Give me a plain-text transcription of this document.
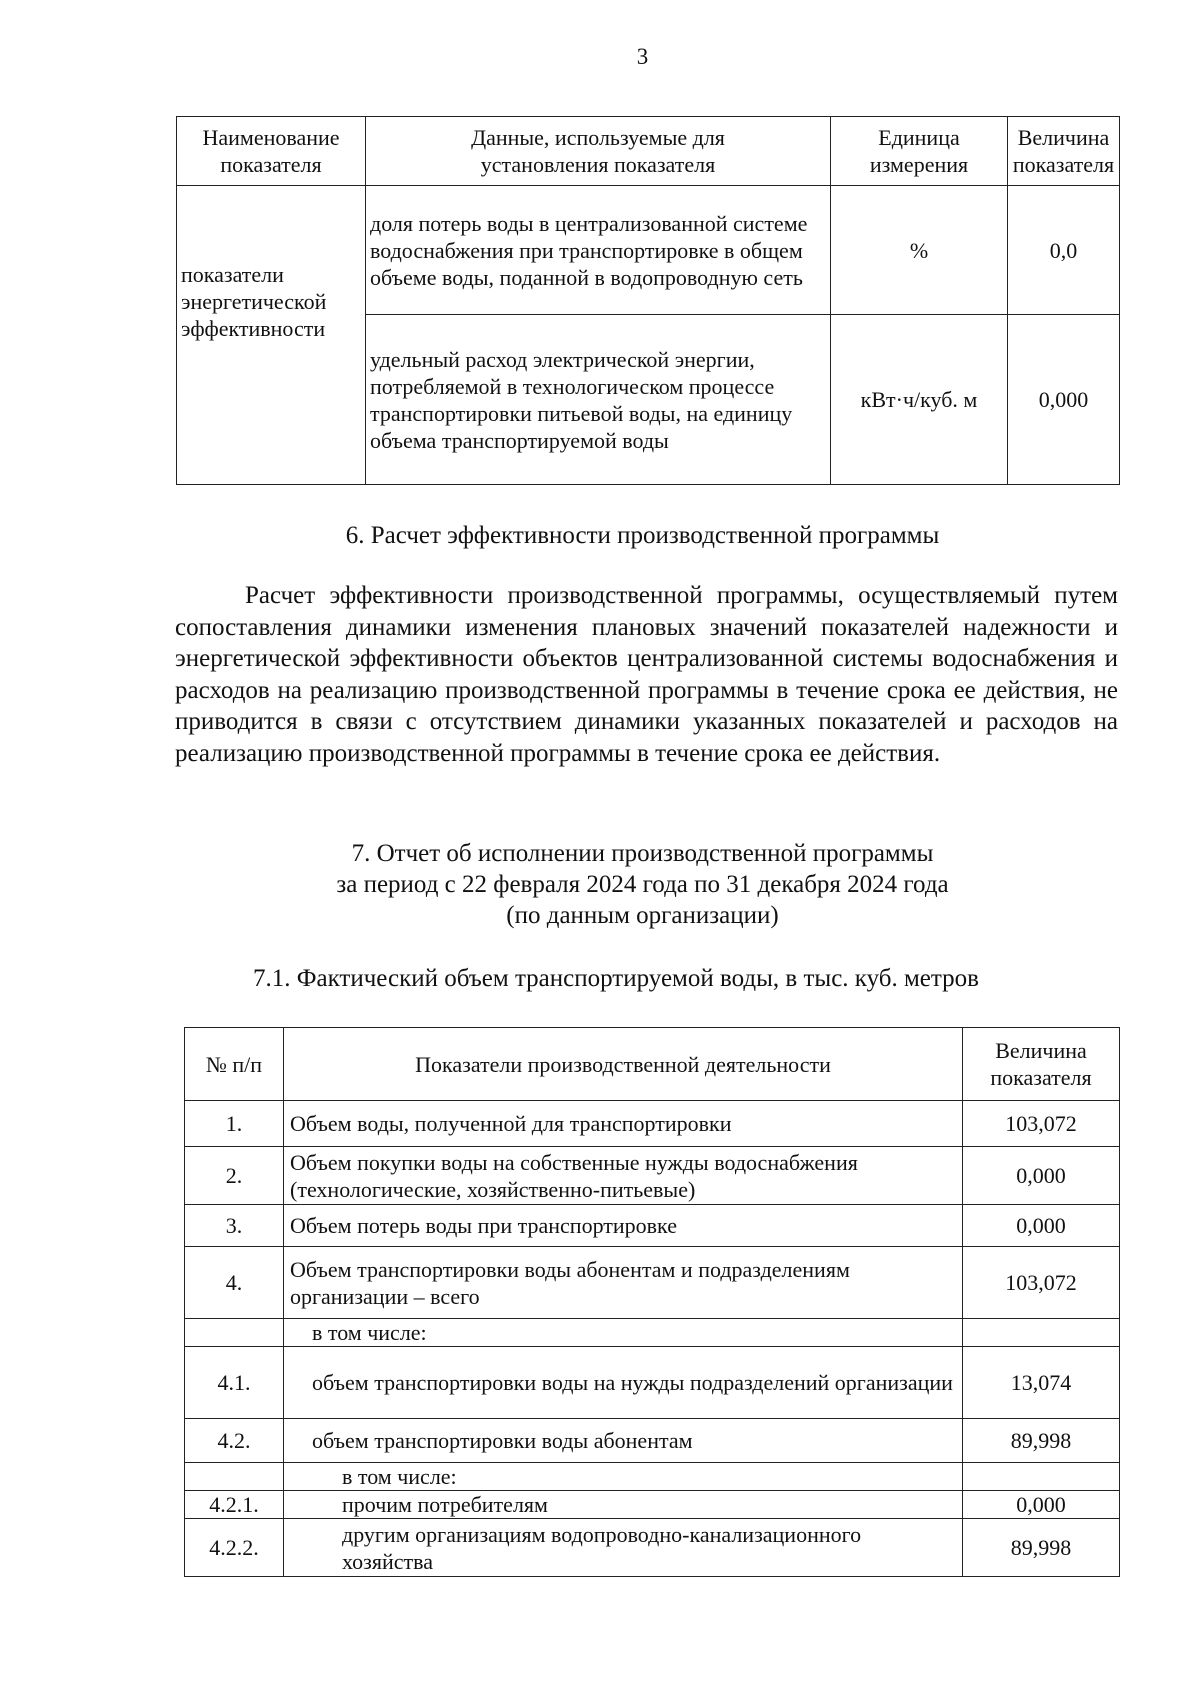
3
Наименование показателя	Данные, используемые для установления показателя	Единица измерения	Величина показателя
показатели энергетической эффективности	доля потерь воды в централизованной системе водоснабжения при транспортировке в общем объеме воды, поданной в водопроводную сеть	%	0,0
	удельный расход электрической энергии, потребляемой в технологическом процессе транспортировки питьевой воды, на единицу объема транспортируемой воды	кВт·ч/куб. м	0,000
6. Расчет эффективности производственной программы
Расчет эффективности производственной программы, осуществляемый путем сопоставления динамики изменения плановых значений показателей надежности и энергетической эффективности объектов централизованной системы водоснабжения и расходов на реализацию производственной программы в течение срока ее действия, не приводится в связи с отсутствием динамики указанных показателей и расходов на реализацию производственной программы в течение срока ее действия.
7. Отчет об исполнении производственной программы
за период с 22 февраля 2024 года по 31 декабря 2024 года
(по данным организации)
7.1. Фактический объем транспортируемой воды, в тыс. куб. метров
№ п/п	Показатели производственной деятельности	Величина показателя
1.	Объем воды, полученной для транспортировки	103,072
2.	Объем покупки воды на собственные нужды водоснабжения (технологические, хозяйственно-питьевые)	0,000
3.	Объем потерь воды при транспортировке	0,000
4.	Объем транспортировки воды абонентам и подразделениям организации – всего	103,072
	в том числе:	
4.1.	объем транспортировки воды на нужды подразделений организации	13,074
4.2.	объем транспортировки воды абонентам	89,998
	в том числе:	
4.2.1.	прочим потребителям	0,000
4.2.2.	другим организациям водопроводно-канализационного хозяйства	89,998
